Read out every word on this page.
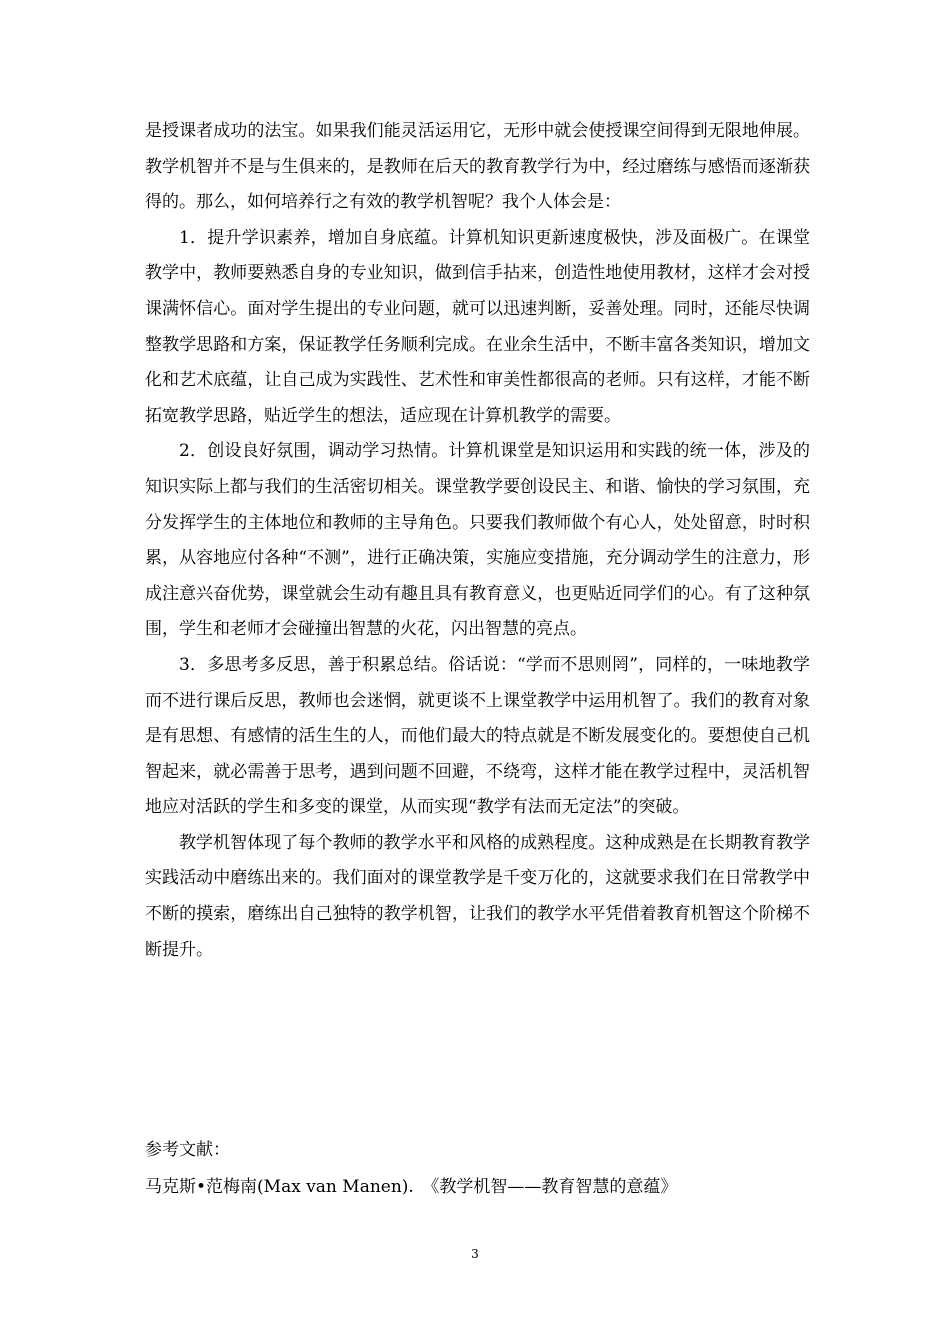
是授课者成功的法宝。如果我们能灵活运用它，无形中就会使授课空间得到无限地伸展。教学机智并不是与生俱来的，是教师在后天的教育教学行为中，经过磨练与感悟而逐渐获得的。那么，如何培养行之有效的教学机智呢？我个人体会是：

1．提升学识素养，增加自身底蕴。计算机知识更新速度极快，涉及面极广。在课堂教学中，教师要熟悉自身的专业知识，做到信手拈来，创造性地使用教材，这样才会对授课满怀信心。面对学生提出的专业问题，就可以迅速判断，妥善处理。同时，还能尽快调整教学思路和方案，保证教学任务顺利完成。在业余生活中，不断丰富各类知识，增加文化和艺术底蕴，让自己成为实践性、艺术性和审美性都很高的老师。只有这样，才能不断拓宽教学思路，贴近学生的想法，适应现在计算机教学的需要。

2．创设良好氛围，调动学习热情。计算机课堂是知识运用和实践的统一体，涉及的知识实际上都与我们的生活密切相关。课堂教学要创设民主、和谐、愉快的学习氛围，充分发挥学生的主体地位和教师的主导角色。只要我们教师做个有心人，处处留意，时时积累，从容地应付各种“不测”，进行正确决策，实施应变措施，充分调动学生的注意力，形成注意兴奋优势，课堂就会生动有趣且具有教育意义，也更贴近同学们的心。有了这种氛围，学生和老师才会碰撞出智慧的火花，闪出智慧的亮点。

3．多思考多反思，善于积累总结。俗话说：“学而不思则罔”，同样的，一味地教学而不进行课后反思，教师也会迷惘，就更谈不上课堂教学中运用机智了。我们的教育对象是有思想、有感情的活生生的人，而他们最大的特点就是不断发展变化的。要想使自己机智起来，就必需善于思考，遇到问题不回避，不绕弯，这样才能在教学过程中，灵活机智地应对活跃的学生和多变的课堂，从而实现“教学有法而无定法”的突破。

教学机智体现了每个教师的教学水平和风格的成熟程度。这种成熟是在长期教育教学实践活动中磨练出来的。我们面对的课堂教学是千变万化的，这就要求我们在日常教学中不断的摸索，磨练出自己独特的教学机智，让我们的教学水平凭借着教育机智这个阶梯不断提升。

参考文献：

马克斯•范梅南(Max van Manen).　《教学机智——教育智慧的意蕴》

3
